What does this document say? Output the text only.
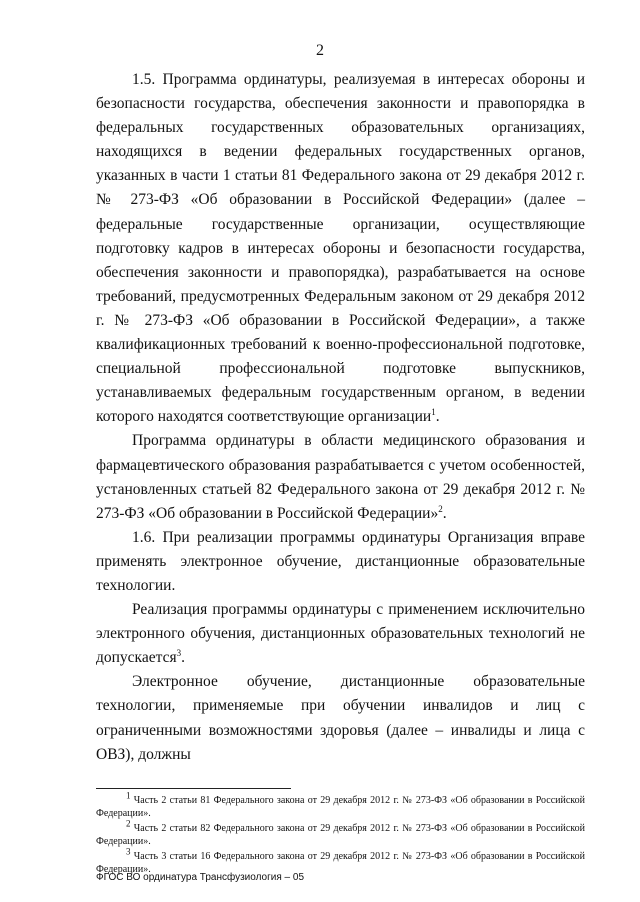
2

1.5. Программа ординатуры, реализуемая в интересах обороны и безопасности государства, обеспечения законности и правопорядка в федеральных государственных образовательных организациях, находящихся в ведении федеральных государственных органов, указанных в части 1 статьи 81 Федерального закона от 29 декабря 2012 г. № 273-ФЗ «Об образовании в Российской Федерации» (далее – федеральные государственные организации, осуществляющие подготовку кадров в интересах обороны и безопасности государства, обеспечения законности и правопорядка), разрабатывается на основе требований, предусмотренных Федеральным законом от 29 декабря 2012 г. № 273-ФЗ «Об образовании в Российской Федерации», а также квалификационных требований к военно-профессиональной подготовке, специальной профессиональной подготовке выпускников, устанавливаемых федеральным государственным органом, в ведении которого находятся соответствующие организации$^1$.

Программа ординатуры в области медицинского образования и фармацевтического образования разрабатывается с учетом особенностей, установленных статьей 82 Федерального закона от 29 декабря 2012 г. № 273-ФЗ «Об образовании в Российской Федерации»$^2$.

1.6. При реализации программы ординатуры Организация вправе применять электронное обучение, дистанционные образовательные технологии.

Реализация программы ординатуры с применением исключительно электронного обучения, дистанционных образовательных технологий не допускается$^3$.

Электронное обучение, дистанционные образовательные технологии, применяемые при обучении инвалидов и лиц с ограниченными возможностями здоровья (далее – инвалиды и лица с ОВЗ), должны

$^1$ Часть 2 статьи 81 Федерального закона от 29 декабря 2012 г. № 273-ФЗ «Об образовании в Российской Федерации».

$^2$ Часть 2 статьи 82 Федерального закона от 29 декабря 2012 г. № 273-ФЗ «Об образовании в Российской Федерации».

$^3$ Часть 3 статьи 16 Федерального закона от 29 декабря 2012 г. № 273-ФЗ «Об образовании в Российской Федерации».

ФГОС ВО ординатура Трансфузиология – 05
